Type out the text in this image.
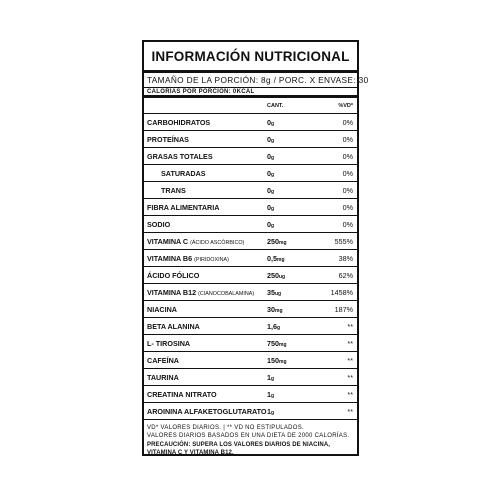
INFORMACIÓN NUTRICIONAL
TAMAÑO DE LA PORCIÓN: 8g / PORC. X ENVASE: 30
CALORÍAS POR PORCIÓN: 0KCAL
CANT.	%VD*
CARBOHIDRATOS	0g	0%
PROTEÍNAS	0g	0%
GRASAS TOTALES	0g	0%
SATURADAS	0g	0%
TRANS	0g	0%
FIBRA ALIMENTARIA	0g	0%
SODIO	0g	0%
VITAMINA C (ÁCIDO ASCÓRBICO)	250mg	555%
VITAMINA B6 (PIRIDOXINA)	0,5mg	38%
ÁCIDO FÓLICO	250ug	62%
VITAMINA B12 (CIANOCOBALAMINA)	35ug	1458%
NIACINA	30mg	187%
BETA ALANINA	1,6g	**
L- TIROSINA	750mg	**
CAFEÍNA	150mg	**
TAURINA	1g	**
CREATINA NITRATO	1g	**
AROININA ALFAKETOGLUTARATO 1g	**
VD* VALORES DIARIOS. | ** VD NO ESTIPULADOS.
VALORES DIARIOS BASADOS EN UNA DIETA DE 2000 CALORÍAS.
PRECAUCIÓN: SUPERA LOS VALORES DIARIOS DE NIACINA, VITAMINA C Y VITAMINA B12.
